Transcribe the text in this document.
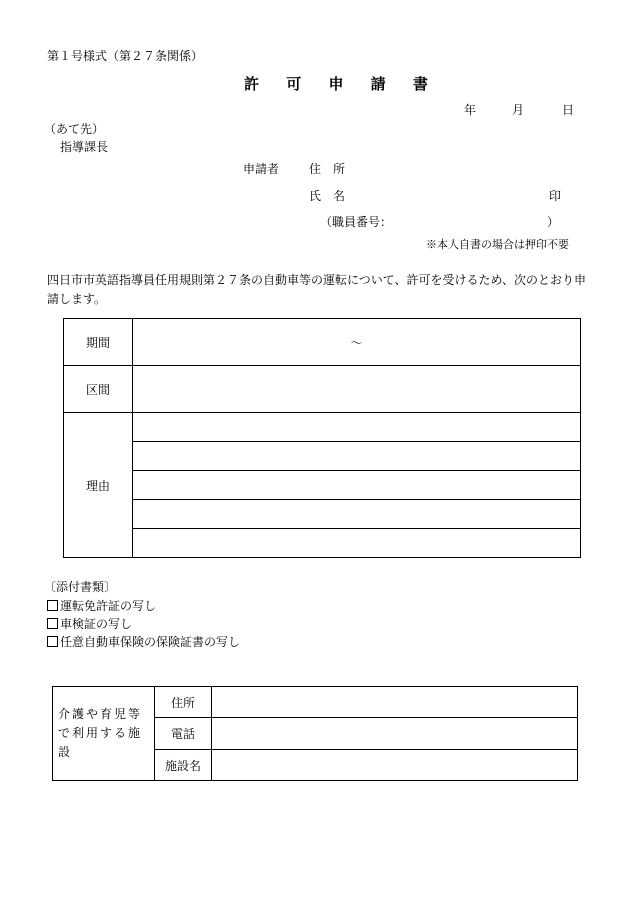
第１号様式（第２７条関係）
許 可 申 請 書
年	月	日
（あて先）
指導課長
申請者 住　所
氏　名	印
（職員番号：	）
※本人自書の場合は押印不要
四日市市英語指導員任用規則第２７条の自動車等の運転について、許可を受けるため、次のとおり申請します。
期間	～
区間	
理由	

〔添付書類〕
運転免許証の写し
車検証の写し
任意自動車保険の保険証書の写し
介護や育児等で利用する施設	住所	
	電話	
	施設名	
